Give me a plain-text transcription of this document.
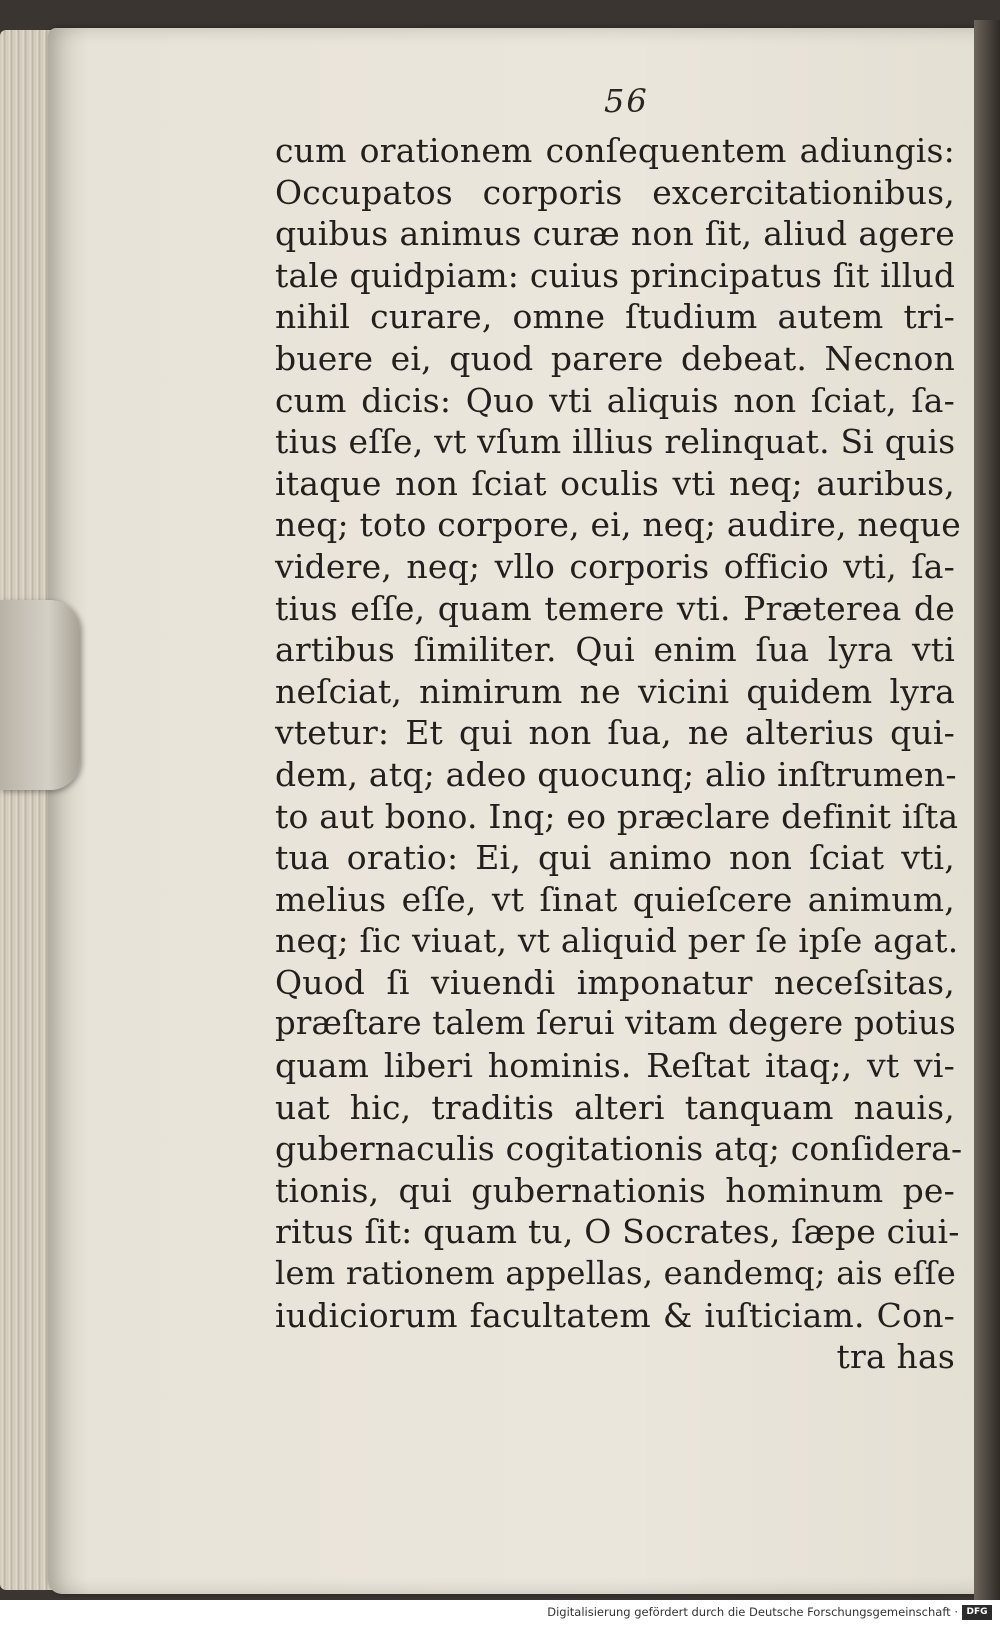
56
cum orationem conſequentem adiungis:
Occupatos corporis excercitationibus,
quibus animus curæ non ſit, aliud agere
tale quidpiam: cuius principatus ſit illud
nihil curare, omne ſtudium autem tri-
buere ei, quod parere debeat. Necnon
cum dicis: Quo vti aliquis non ſciat, ſa-
tius eſſe, vt vſum illius relinquat. Si quis
itaque non ſciat oculis vti neq; auribus,
neq; toto corpore, ei, neq; audire, neque
videre, neq; vllo corporis officio vti, ſa-
tius eſſe, quam temere vti. Præterea de
artibus ſimiliter. Qui enim ſua lyra vti
neſciat, nimirum ne vicini quidem lyra
vtetur: Et qui non ſua, ne alterius qui-
dem, atq; adeo quocunq; alio inſtrumen-
to aut bono. Inq; eo præclare definit iſta
tua oratio: Ei, qui animo non ſciat vti,
melius eſſe, vt ſinat quieſcere animum,
neq; ſic viuat, vt aliquid per ſe ipſe agat.
Quod ſi viuendi imponatur neceſsitas,
præſtare talem ſerui vitam degere potius
quam liberi hominis. Reſtat itaq;, vt vi-
uat hic, traditis alteri tanquam nauis,
gubernaculis cogitationis atq; conſidera-
tionis, qui gubernationis hominum pe-
ritus ſit: quam tu, O Socrates, ſæpe ciui-
lem rationem appellas, eandemq; ais eſſe
iudiciorum facultatem & iuſticiam. Con-
tra has
Digitalisierung gefördert durch die Deutsche Forschungsgemeinschaft · DFG
